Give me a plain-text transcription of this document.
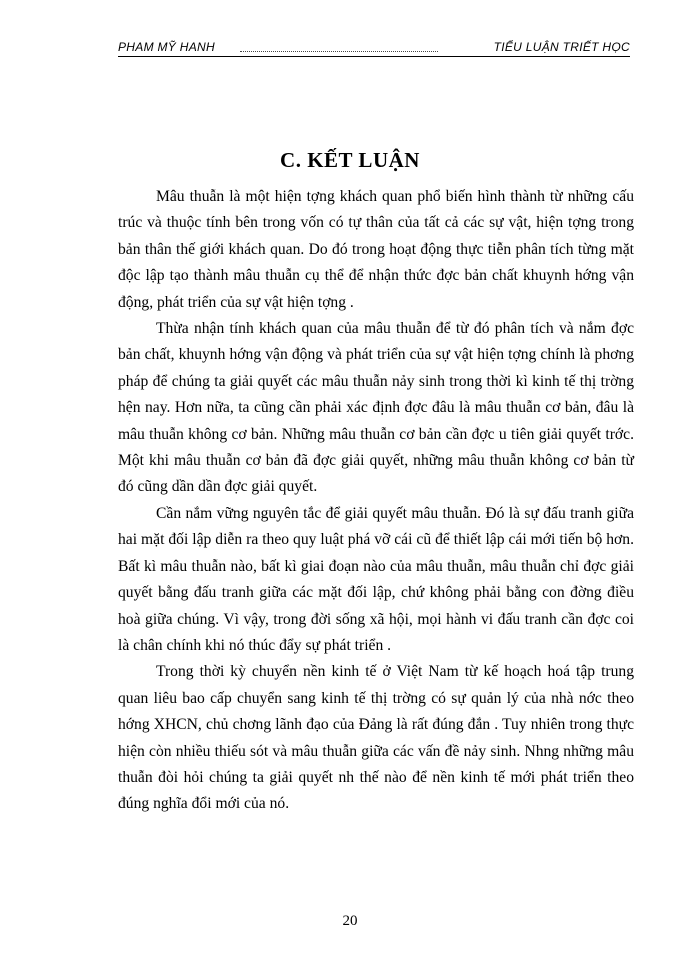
PHAM MỸ HANH	TIỂU LUẬN TRIẾT HỌC
C. KẾT LUẬN

Mâu thuẫn là một hiện tợng khách quan phổ biến hình thành từ những cấu trúc và thuộc tính bên trong vốn có tự thân của tất cả các sự vật, hiện tợng trong bản thân thế giới khách quan. Do đó trong hoạt động thực tiễn phân tích từng mặt độc lập tạo thành mâu thuẫn cụ thể để nhận thức đợc bản chất khuynh hớng vận động, phát triển của sự vật hiện tợng .

Thừa nhận tính khách quan của mâu thuẫn để từ đó phân tích và nắm đợc bản chất, khuynh hớng vận động và phát triển của sự vật hiện tợng chính là phơng pháp để chúng ta giải quyết các mâu thuẫn nảy sinh trong thời kì kinh tế thị trờng hện nay. Hơn nữa, ta cũng cần phải xác định đợc đâu là mâu thuẫn cơ bản, đâu là mâu thuẫn không cơ bản. Những mâu thuẫn cơ bản cần đợc u tiên giải quyết trớc. Một khi mâu thuẫn cơ bản đã đợc giải quyết, những mâu thuẫn không cơ bản từ đó cũng dần dần đợc giải quyết.

Cần nắm vững nguyên tắc để giải quyết mâu thuẫn. Đó là sự đấu tranh giữa hai mặt đối lập diễn ra theo quy luật phá vỡ cái cũ để thiết lập cái mới tiến bộ hơn. Bất kì mâu thuẫn nào, bất kì giai đoạn nào của mâu thuẫn, mâu thuẫn chỉ đợc giải quyết bằng đấu tranh giữa các mặt đối lập, chứ không phải bằng con đờng điều hoà giữa chúng. Vì vậy, trong đời sống xã hội, mọi hành vi đấu tranh cần đợc coi là chân chính khi nó thúc đẩy sự phát triển .

Trong thời kỳ chuyển nền kinh tế ở Việt Nam từ kế hoạch hoá tập trung quan liêu bao cấp chuyển sang kinh tế thị trờng có sự quản lý của nhà nớc theo hớng XHCN, chủ chơng lãnh đạo của Đảng là rất đúng đắn . Tuy nhiên trong thực hiện còn nhiều thiếu sót và mâu thuẫn giữa các vấn đề nảy sinh. Nhng những mâu thuẫn đòi hỏi chúng ta giải quyết nh thế nào để nền kinh tế mới phát triển theo đúng nghĩa đổi mới của nó.

20
